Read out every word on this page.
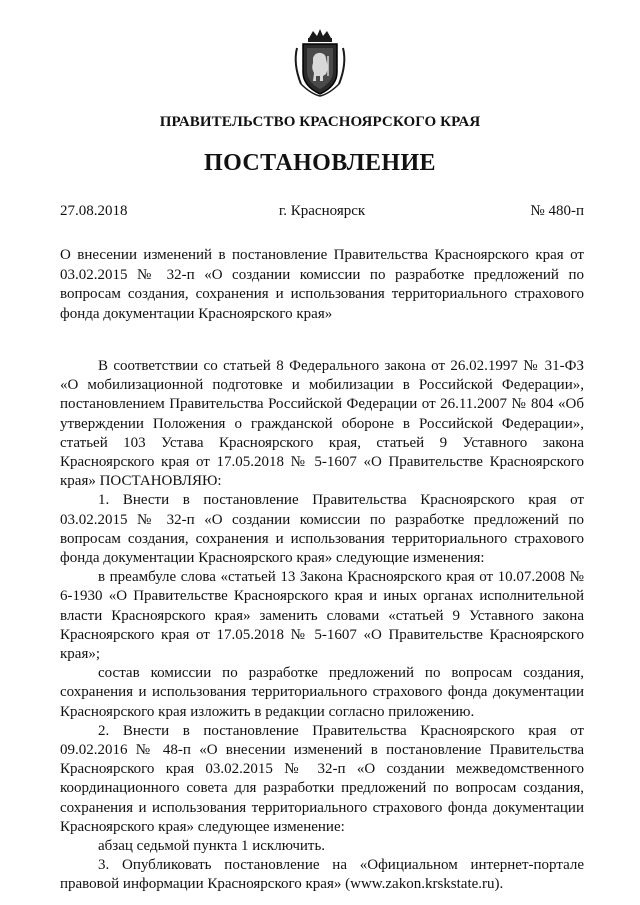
ПРАВИТЕЛЬСТВО КРАСНОЯРСКОГО КРАЯ
ПОСТАНОВЛЕНИЕ
27.08.2018	г. Красноярск	№ 480-п
О внесении изменений в постановление Правительства Красноярского края от 03.02.2015 № 32-п «О создании комиссии по разработке предложений по вопросам создания, сохранения и использования территориального страхового фонда документации Красноярского края»

В соответствии со статьей 8 Федерального закона от 26.02.1997 № 31-ФЗ «О мобилизационной подготовке и мобилизации в Российской Федерации», постановлением Правительства Российской Федерации от 26.11.2007 № 804 «Об утверждении Положения о гражданской обороне в Российской Федерации», статьей 103 Устава Красноярского края, статьей 9 Уставного закона Красноярского края от 17.05.2018 № 5-1607 «О Правительстве Красноярского края» ПОСТАНОВЛЯЮ:

1. Внести в постановление Правительства Красноярского края от 03.02.2015 № 32-п «О создании комиссии по разработке предложений по вопросам создания, сохранения и использования территориального страхового фонда документации Красноярского края» следующие изменения:

в преамбуле слова «статьей 13 Закона Красноярского края от 10.07.2008 № 6-1930 «О Правительстве Красноярского края и иных органах исполнительной власти Красноярского края» заменить словами «статьей 9 Уставного закона Красноярского края от 17.05.2018 № 5-1607 «О Правительстве Красноярского края»;

состав комиссии по разработке предложений по вопросам создания, сохранения и использования территориального страхового фонда документации Красноярского края изложить в редакции согласно приложению.

2. Внести в постановление Правительства Красноярского края от 09.02.2016 № 48-п «О внесении изменений в постановление Правительства Красноярского края 03.02.2015 № 32-п «О создании межведомственного координационного совета для разработки предложений по вопросам создания, сохранения и использования территориального страхового фонда документации Красноярского края» следующее изменение:

абзац седьмой пункта 1 исключить.

3. Опубликовать постановление на «Официальном интернет-портале правовой информации Красноярского края» (www.zakon.krskstate.ru).
